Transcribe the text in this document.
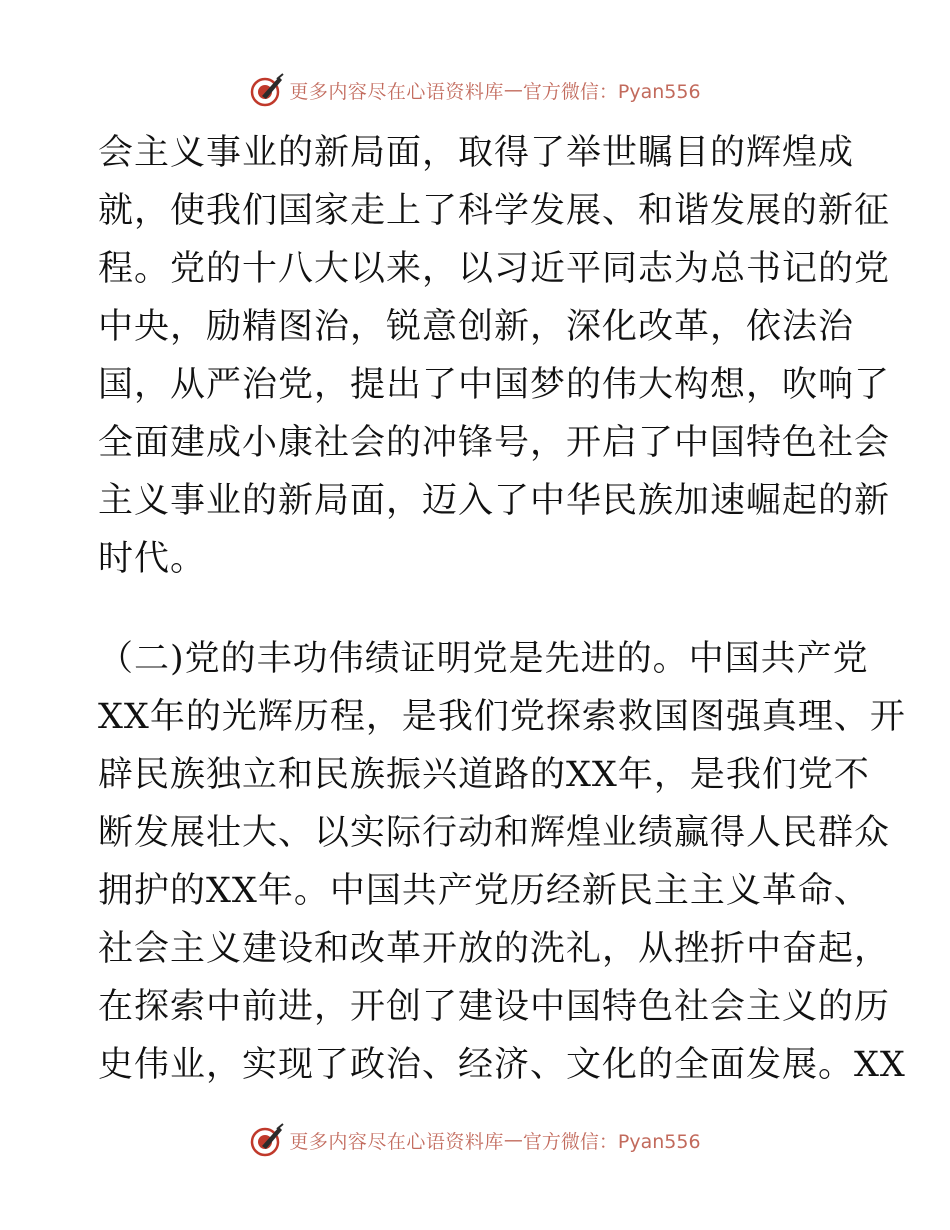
更多内容尽在心语资料库 — 官方微信：Pyan556
会主义事业的新局面，取得了举世瞩目的辉煌成
就，使我们国家走上了科学发展、和谐发展的新征
程。党的十八大以来，以习近平同志为总书记的党
中央，励精图治，锐意创新，深化改革，依法治
国，从严治党，提出了中国梦的伟大构想，吹响了
全面建成小康社会的冲锋号，开启了中国特色社会
主义事业的新局面，迈入了中华民族加速崛起的新
时代。
（二)党的丰功伟绩证明党是先进的。中国共产党
XX年的光辉历程，是我们党探索救国图强真理、开
辟民族独立和民族振兴道路的XX年，是我们党不
断发展壮大、以实际行动和辉煌业绩赢得人民群众
拥护的XX年。中国共产党历经新民主主义革命、
社会主义建设和改革开放的洗礼，从挫折中奋起，
在探索中前进，开创了建设中国特色社会主义的历
史伟业，实现了政治、经济、文化的全面发展。XX
更多内容尽在心语资料库 — 官方微信：Pyan556
